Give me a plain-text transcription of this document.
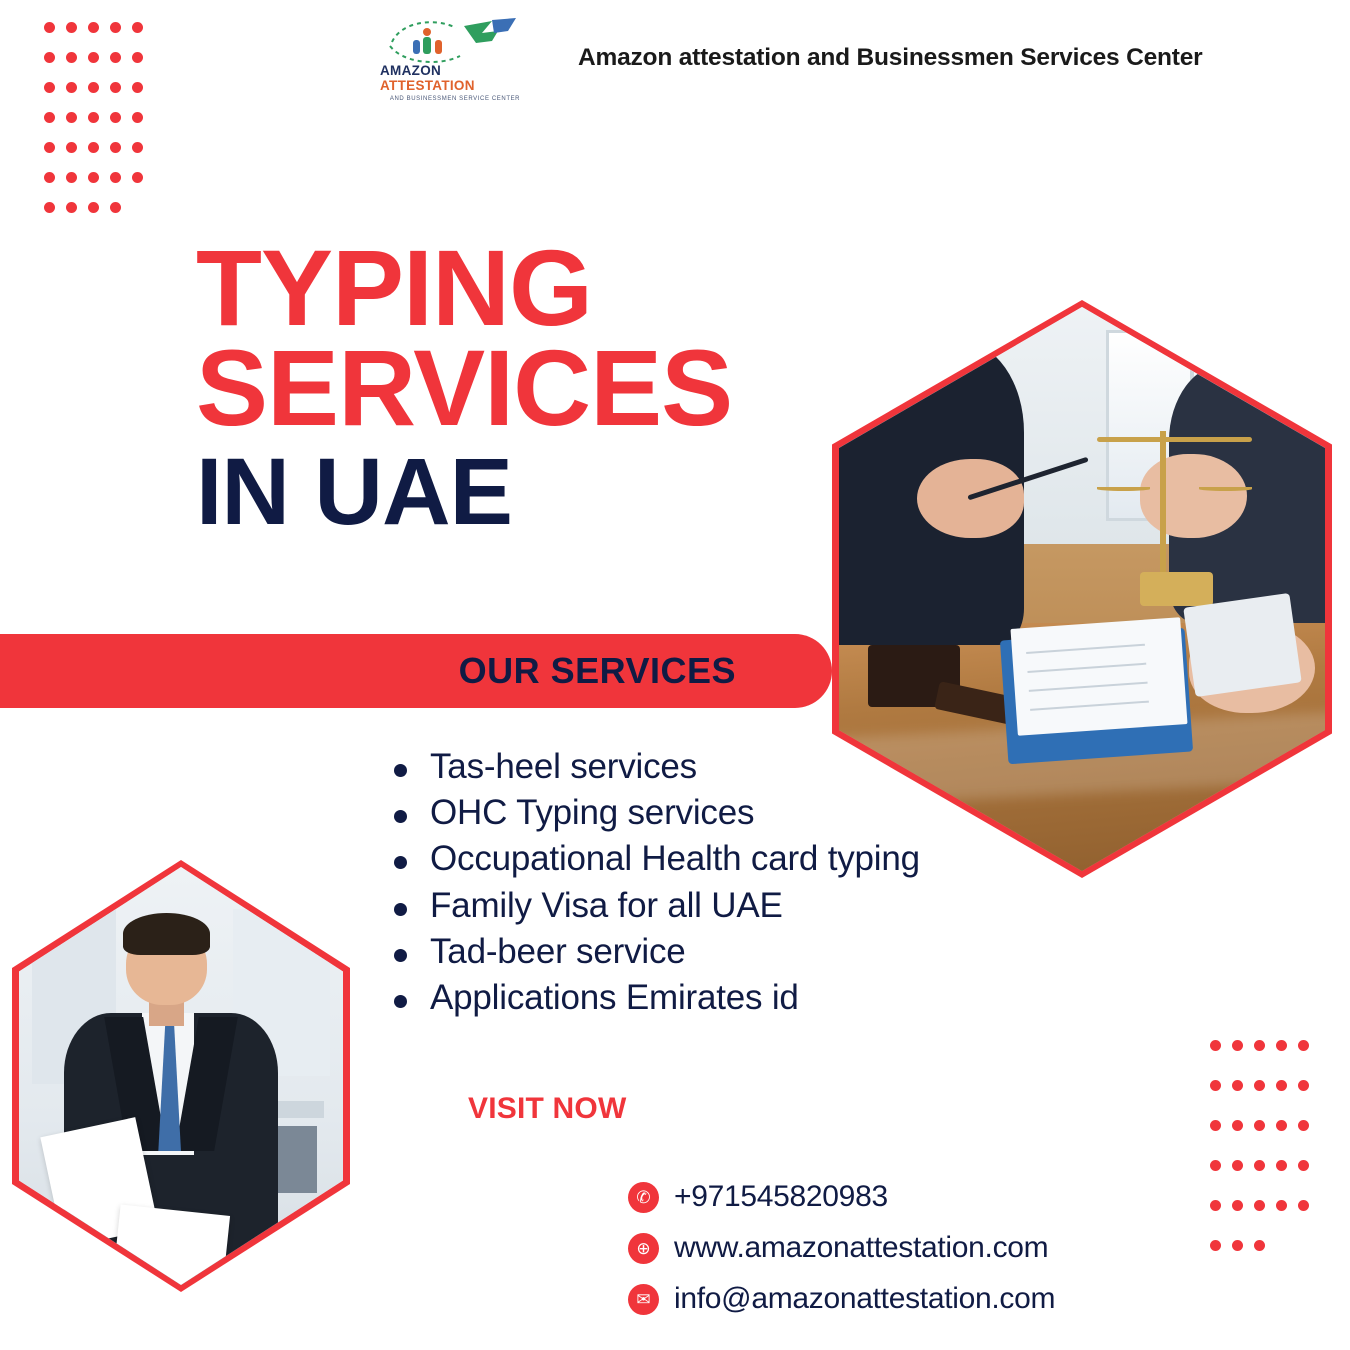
AMAZON ATTESTATION
AND BUSINESSMEN SERVICE CENTER
Amazon attestation and Businessmen Services Center
TYPING
SERVICES
IN UAE
OUR SERVICES
Tas-heel services
OHC Typing services
Occupational Health card typing
Family Visa for all UAE
Tad-beer service
Applications Emirates id
VISIT NOW
✆ +971545820983
⊕ www.amazonattestation.com
✉ info@amazonattestation.com
